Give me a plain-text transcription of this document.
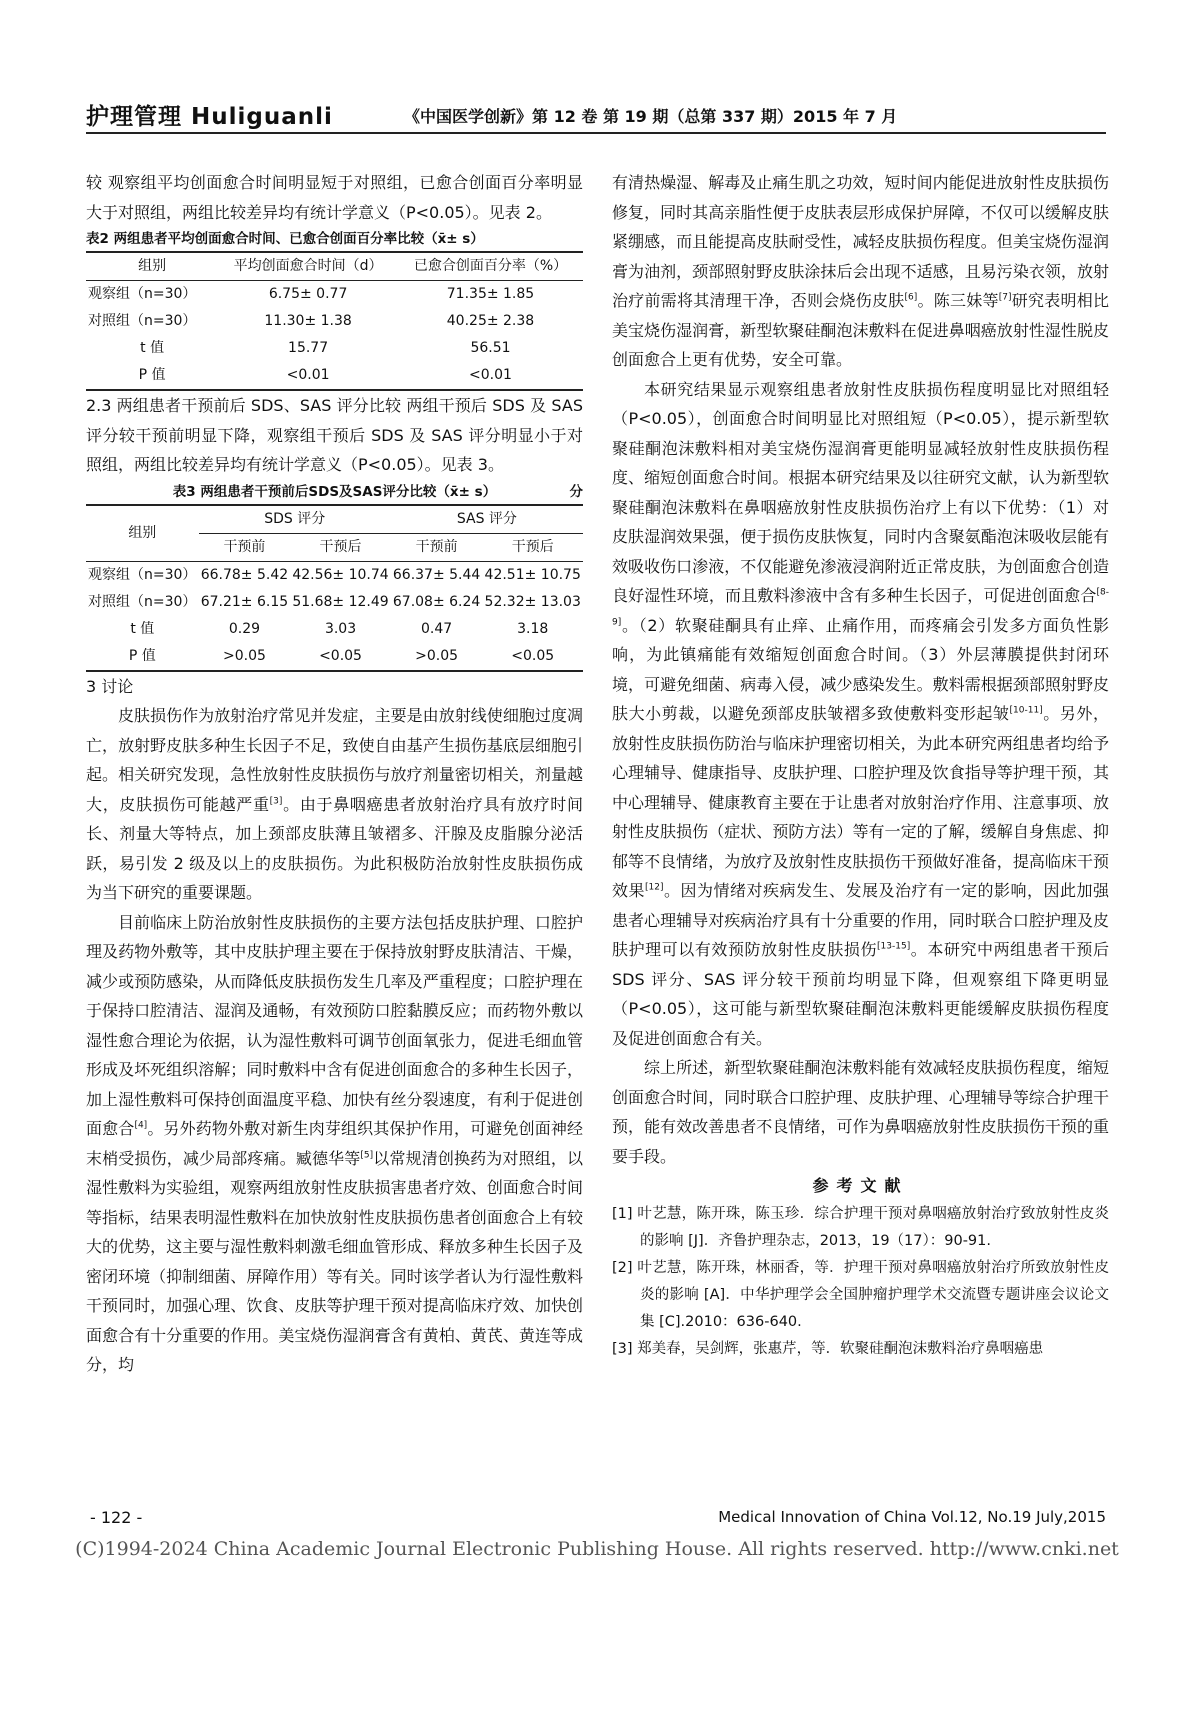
护理管理 Huliguanli	《中国医学创新》第 12 卷 第 19 期（总第 337 期）2015 年 7 月

较 观察组平均创面愈合时间明显短于对照组，已愈合创面百分率明显大于对照组，两组比较差异均有统计学意义（P<0.05）。见表 2。

表2 两组患者平均创面愈合时间、已愈合创面百分率比较（x̄± s）

组别	平均创面愈合时间（d）	已愈合创面百分率（%）
观察组（n=30）	6.75± 0.77	71.35± 1.85
对照组（n=30）	11.30± 1.38	40.25± 2.38
t 值	15.77	56.51
P 值	<0.01	<0.01

2.3 两组患者干预前后 SDS、SAS 评分比较 两组干预后 SDS 及 SAS 评分较干预前明显下降，观察组干预后 SDS 及 SAS 评分明显小于对照组，两组比较差异均有统计学意义（P<0.05）。见表 3。

表3 两组患者干预前后SDS及SAS评分比较（x̄± s）	分

组别	SDS 评分		SAS 评分	
	干预前	干预后	干预前	干预后
观察组（n=30）	66.78± 5.42	42.56± 10.74	66.37± 5.44	42.51± 10.75
对照组（n=30）	67.21± 6.15	51.68± 12.49	67.08± 6.24	52.32± 13.03
t 值	0.29	3.03	0.47	3.18
P 值	>0.05	<0.05	>0.05	<0.05

3 讨论

皮肤损伤作为放射治疗常见并发症，主要是由放射线使细胞过度凋亡，放射野皮肤多种生长因子不足，致使自由基产生损伤基底层细胞引起。相关研究发现，急性放射性皮肤损伤与放疗剂量密切相关，剂量越大，皮肤损伤可能越严重[3]。由于鼻咽癌患者放射治疗具有放疗时间长、剂量大等特点，加上颈部皮肤薄且皱褶多、汗腺及皮脂腺分泌活跃，易引发 2 级及以上的皮肤损伤。为此积极防治放射性皮肤损伤成为当下研究的重要课题。

目前临床上防治放射性皮肤损伤的主要方法包括皮肤护理、口腔护理及药物外敷等，其中皮肤护理主要在于保持放射野皮肤清洁、干燥，减少或预防感染，从而降低皮肤损伤发生几率及严重程度；口腔护理在于保持口腔清洁、湿润及通畅，有效预防口腔黏膜反应；而药物外敷以湿性愈合理论为依据，认为湿性敷料可调节创面氧张力，促进毛细血管形成及坏死组织溶解；同时敷料中含有促进创面愈合的多种生长因子，加上湿性敷料可保持创面温度平稳、加快有丝分裂速度，有利于促进创面愈合[4]。另外药物外敷对新生肉芽组织其保护作用，可避免创面神经末梢受损伤，减少局部疼痛。臧德华等[5]以常规清创换药为对照组，以湿性敷料为实验组，观察两组放射性皮肤损害患者疗效、创面愈合时间等指标，结果表明湿性敷料在加快放射性皮肤损伤患者创面愈合上有较大的优势，这主要与湿性敷料刺激毛细血管形成、释放多种生长因子及密闭环境（抑制细菌、屏障作用）等有关。同时该学者认为行湿性敷料干预同时，加强心理、饮食、皮肤等护理干预对提高临床疗效、加快创面愈合有十分重要的作用。美宝烧伤湿润膏含有黄柏、黄芪、黄连等成分，均

有清热燥湿、解毒及止痛生肌之功效，短时间内能促进放射性皮肤损伤修复，同时其高亲脂性便于皮肤表层形成保护屏障，不仅可以缓解皮肤紧绷感，而且能提高皮肤耐受性，减轻皮肤损伤程度。但美宝烧伤湿润膏为油剂，颈部照射野皮肤涂抹后会出现不适感，且易污染衣领，放射治疗前需将其清理干净，否则会烧伤皮肤[6]。陈三妹等[7]研究表明相比美宝烧伤湿润膏，新型软聚硅酮泡沫敷料在促进鼻咽癌放射性湿性脱皮创面愈合上更有优势，安全可靠。

本研究结果显示观察组患者放射性皮肤损伤程度明显比对照组轻（P<0.05），创面愈合时间明显比对照组短（P<0.05），提示新型软聚硅酮泡沫敷料相对美宝烧伤湿润膏更能明显减轻放射性皮肤损伤程度、缩短创面愈合时间。根据本研究结果及以往研究文献，认为新型软聚硅酮泡沫敷料在鼻咽癌放射性皮肤损伤治疗上有以下优势：（1）对皮肤湿润效果强，便于损伤皮肤恢复，同时内含聚氨酯泡沫吸收层能有效吸收伤口渗液，不仅能避免渗液浸润附近正常皮肤，为创面愈合创造良好湿性环境，而且敷料渗液中含有多种生长因子，可促进创面愈合[8-9]。（2）软聚硅酮具有止痒、止痛作用，而疼痛会引发多方面负性影响，为此镇痛能有效缩短创面愈合时间。（3）外层薄膜提供封闭环境，可避免细菌、病毒入侵，减少感染发生。敷料需根据颈部照射野皮肤大小剪裁，以避免颈部皮肤皱褶多致使敷料变形起皱[10-11]。另外，放射性皮肤损伤防治与临床护理密切相关，为此本研究两组患者均给予心理辅导、健康指导、皮肤护理、口腔护理及饮食指导等护理干预，其中心理辅导、健康教育主要在于让患者对放射治疗作用、注意事项、放射性皮肤损伤（症状、预防方法）等有一定的了解，缓解自身焦虑、抑郁等不良情绪，为放疗及放射性皮肤损伤干预做好准备，提高临床干预效果[12]。因为情绪对疾病发生、发展及治疗有一定的影响，因此加强患者心理辅导对疾病治疗具有十分重要的作用，同时联合口腔护理及皮肤护理可以有效预防放射性皮肤损伤[13-15]。本研究中两组患者干预后 SDS 评分、SAS 评分较干预前均明显下降，但观察组下降更明显（P<0.05），这可能与新型软聚硅酮泡沫敷料更能缓解皮肤损伤程度及促进创面愈合有关。

综上所述，新型软聚硅酮泡沫敷料能有效减轻皮肤损伤程度，缩短创面愈合时间，同时联合口腔护理、皮肤护理、心理辅导等综合护理干预，能有效改善患者不良情绪，可作为鼻咽癌放射性皮肤损伤干预的重要手段。

参考文献

[1] 叶艺慧，陈开珠，陈玉珍．综合护理干预对鼻咽癌放射治疗致放射性皮炎的影响 [J]．齐鲁护理杂志，2013，19（17）：90-91.

[2] 叶艺慧，陈开珠，林丽香，等．护理干预对鼻咽癌放射治疗所致放射性皮炎的影响 [A]．中华护理学会全国肿瘤护理学术交流暨专题讲座会议论文集 [C].2010：636-640.

[3] 郑美春，吴剑辉，张惠芹，等．软聚硅酮泡沫敷料治疗鼻咽癌患

- 122 -	Medical Innovation of China Vol.12, No.19 July,2015
(C)1994-2024 China Academic Journal Electronic Publishing House. All rights reserved. http://www.cnki.net
